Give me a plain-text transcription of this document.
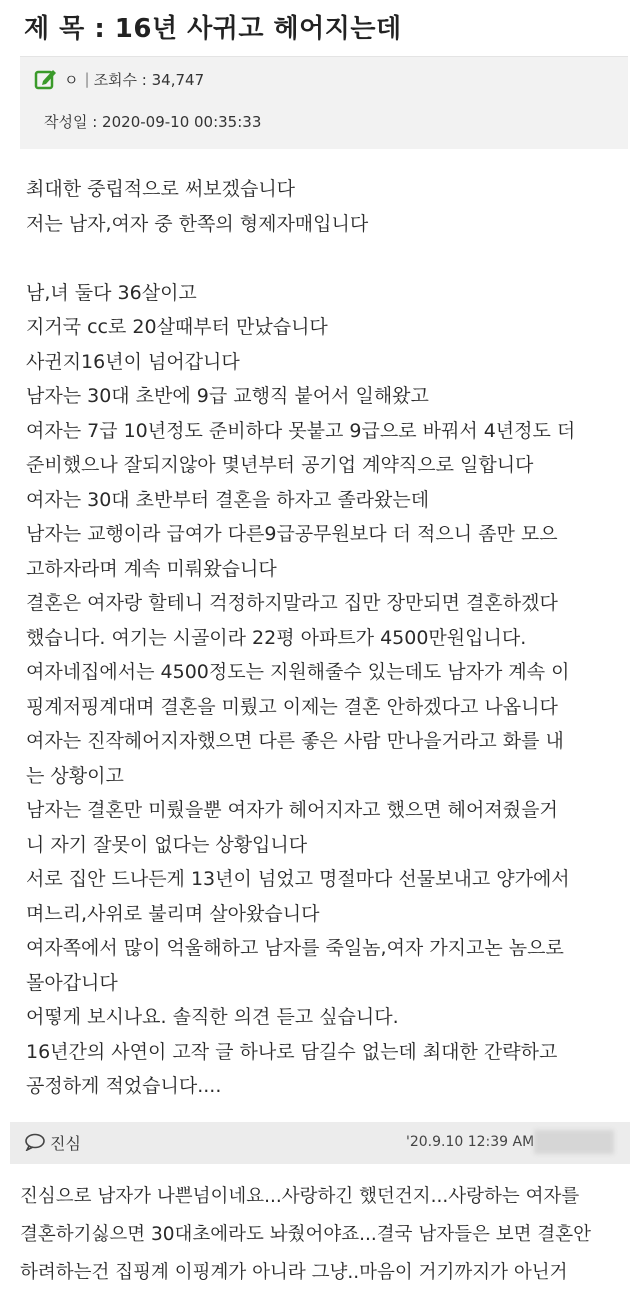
제 목 : 16년 사귀고 헤어지는데
ㅇ | 조회수 : 34,747
작성일 : 2020-09-10 00:35:33
최대한 중립적으로 써보겠습니다
저는 남자,여자 중 한쪽의 형제자매입니다
남,녀 둘다 36살이고
지거국 cc로 20살때부터 만났습니다
사귄지16년이 넘어갑니다
남자는 30대 초반에 9급 교행직 붙어서 일해왔고
여자는 7급 10년정도 준비하다 못붙고 9급으로 바꿔서 4년정도 더
준비했으나 잘되지않아 몇년부터 공기업 계약직으로 일합니다
여자는 30대 초반부터 결혼을 하자고 졸라왔는데
남자는 교행이라 급여가 다른9급공무원보다 더 적으니 좀만 모으
고하자라며 계속 미뤄왔습니다
결혼은 여자랑 할테니 걱정하지말라고 집만 장만되면 결혼하겠다
했습니다. 여기는 시골이라 22평 아파트가 4500만원입니다.
여자네집에서는 4500정도는 지원해줄수 있는데도 남자가 계속 이
핑계저핑계대며 결혼을 미뤘고 이제는 결혼 안하겠다고 나옵니다
여자는 진작헤어지자했으면 다른 좋은 사람 만나을거라고 화를 내
는 상황이고
남자는 결혼만 미뤘을뿐 여자가 헤어지자고 했으면 헤어져줬을거
니 자기 잘못이 없다는 상황입니다
서로 집안 드나든게 13년이 넘었고 명절마다 선물보내고 양가에서
며느리,사위로 불리며 살아왔습니다
여자쪽에서 많이 억울해하고 남자를 죽일놈,여자 가지고논 놈으로
몰아갑니다
어떻게 보시나요. 솔직한 의견 듣고 싶습니다.
16년간의 사연이 고작 글 하나로 담길수 없는데 최대한 간략하고
공정하게 적었습니다....
진심	'20.9.10 12:39 AM
진심으로 남자가 나쁜넘이네요...사랑하긴 했던건지...사랑하는 여자를
결혼하기싫으면 30대초에라도 놔줬어야죠...결국 남자들은 보면 결혼안
하려하는건 집핑계 이핑계가 아니라 그냥..마음이 거기까지가 아닌거
